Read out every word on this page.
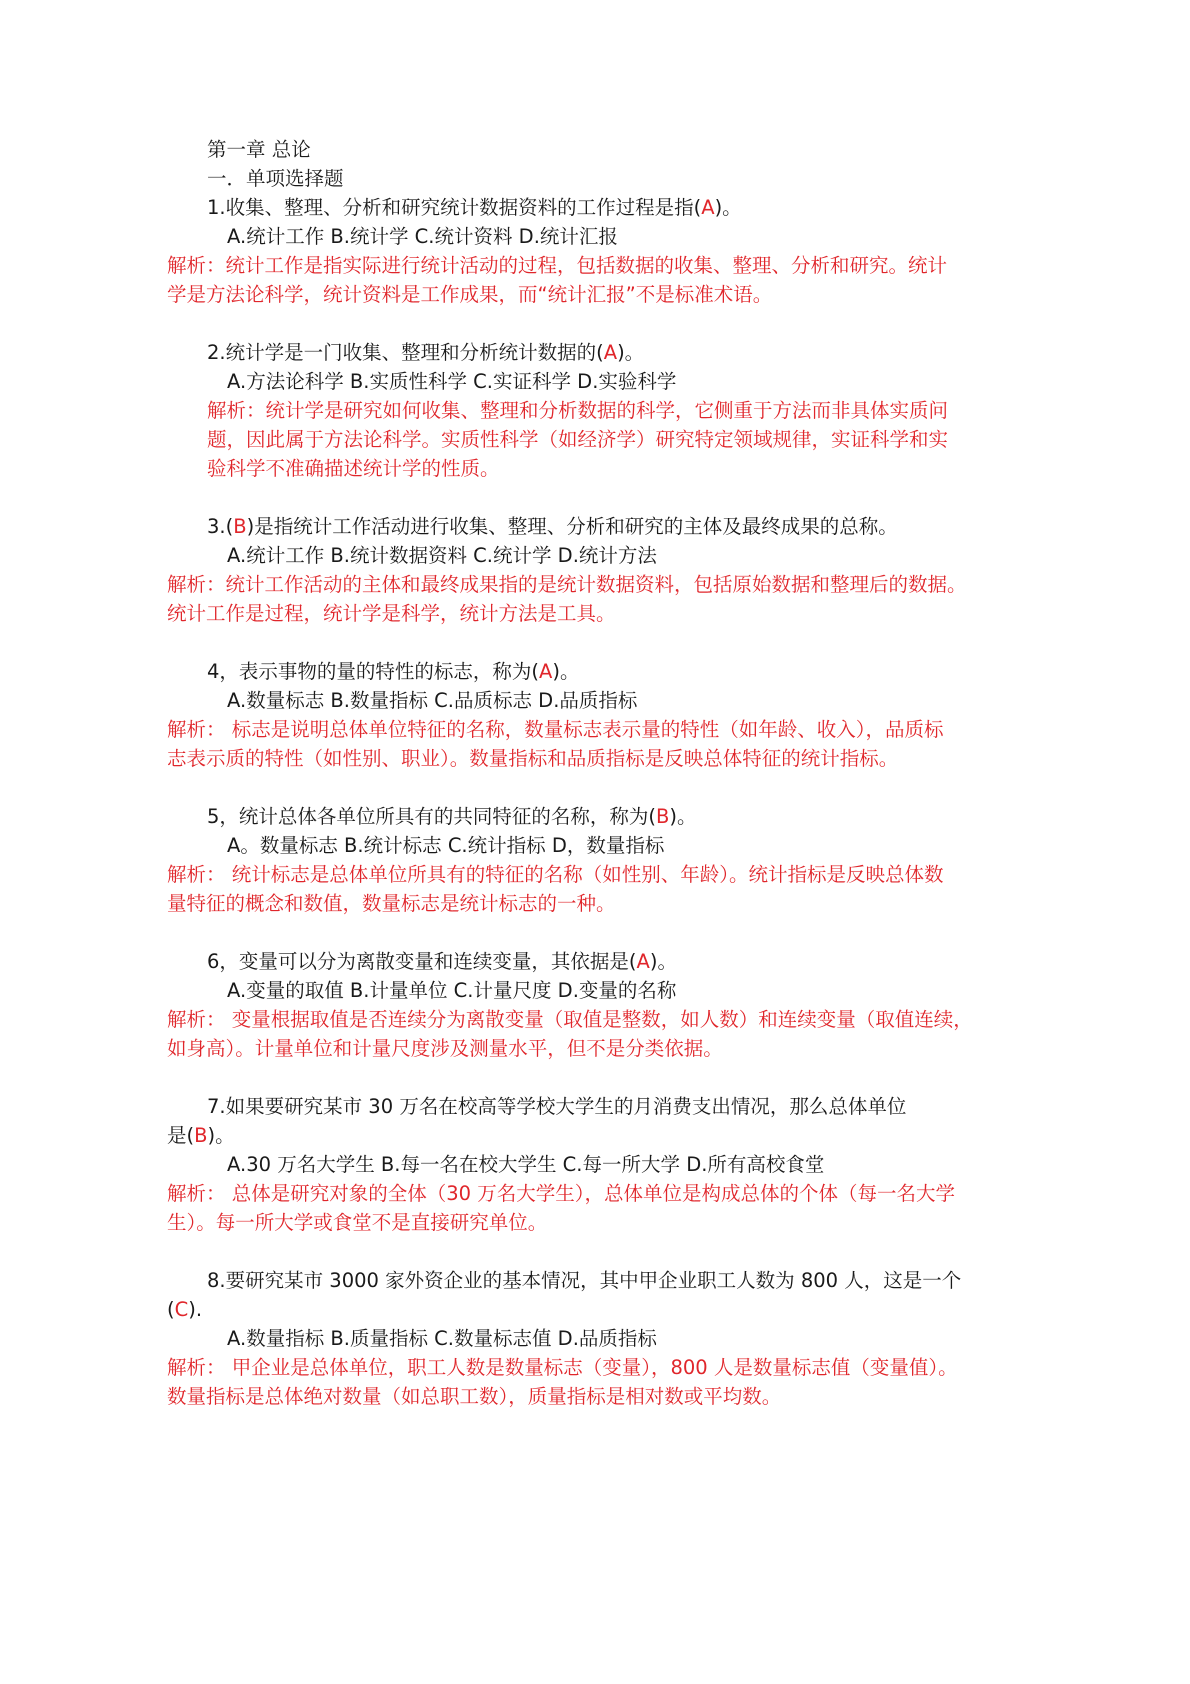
第一章 总论
一．单项选择题
1.收集、整理、分析和研究统计数据资料的工作过程是指(A)。
A.统计工作 B.统计学 C.统计资料 D.统计汇报
解析：统计工作是指实际进行统计活动的过程，包括数据的收集、整理、分析和研究。统计
学是方法论科学，统计资料是工作成果，而“统计汇报”不是标准术语。
2.统计学是一门收集、整理和分析统计数据的(A)。
A.方法论科学 B.实质性科学 C.实证科学 D.实验科学
解析：统计学是研究如何收集、整理和分析数据的科学，它侧重于方法而非具体实质问
题，因此属于方法论科学。实质性科学（如经济学）研究特定领域规律，实证科学和实
验科学不准确描述统计学的性质。
3.(B)是指统计工作活动进行收集、整理、分析和研究的主体及最终成果的总称。
A.统计工作 B.统计数据资料 C.统计学 D.统计方法
解析：统计工作活动的主体和最终成果指的是统计数据资料，包括原始数据和整理后的数据。
统计工作是过程，统计学是科学，统计方法是工具。
4，表示事物的量的特性的标志，称为(A)。
A.数量标志 B.数量指标 C.品质标志 D.品质指标
解析： 标志是说明总体单位特征的名称，数量标志表示量的特性（如年龄、收入），品质标
志表示质的特性（如性别、职业）。数量指标和品质指标是反映总体特征的统计指标。
5，统计总体各单位所具有的共同特征的名称，称为(B)。
A。数量标志 B.统计标志 C.统计指标 D，数量指标
解析： 统计标志是总体单位所具有的特征的名称（如性别、年龄）。统计指标是反映总体数
量特征的概念和数值，数量标志是统计标志的一种。
6，变量可以分为离散变量和连续变量，其依据是(A)。
A.变量的取值 B.计量单位 C.计量尺度 D.变量的名称
解析： 变量根据取值是否连续分为离散变量（取值是整数，如人数）和连续变量（取值连续，
如身高）。计量单位和计量尺度涉及测量水平，但不是分类依据。
7.如果要研究某市 30 万名在校高等学校大学生的月消费支出情况，那么总体单位
是(B)。
A.30 万名大学生 B.每一名在校大学生 C.每一所大学 D.所有高校食堂
解析： 总体是研究对象的全体（30 万名大学生），总体单位是构成总体的个体（每一名大学
生）。每一所大学或食堂不是直接研究单位。
8.要研究某市 3000 家外资企业的基本情况，其中甲企业职工人数为 800 人，这是一个
(C).
A.数量指标 B.质量指标 C.数量标志值 D.品质指标
解析： 甲企业是总体单位，职工人数是数量标志（变量），800 人是数量标志值（变量值）。
数量指标是总体绝对数量（如总职工数），质量指标是相对数或平均数。
